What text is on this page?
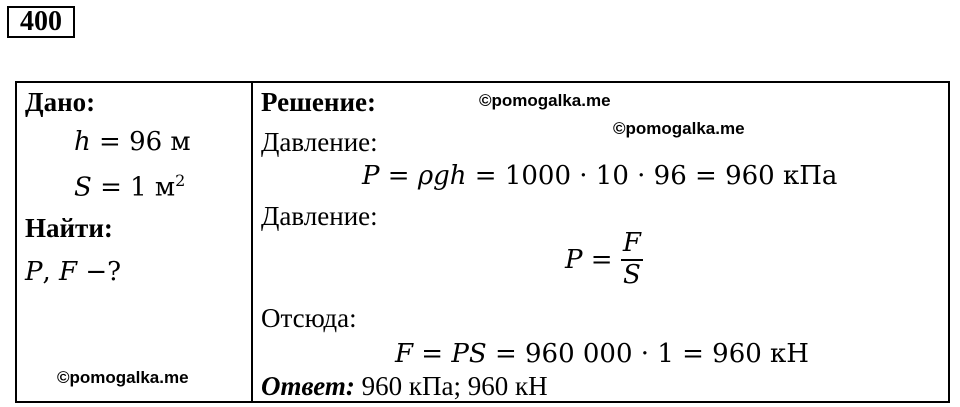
400
Дано:
h = 96 м
S = 1 $м^2$
Найти:
P, F −?
©pomogalka.me
Решение:	©pomogalka.me
©pomogalka.me
Давление:
P = ρgh = 1000 · 10 · 96 = 960 кПа
Давление:
$P = \frac{F}{S}$
Отсюда:
F = PS = 960 000 · 1 = 960 кН
Ответ: 960 кПа; 960 кН
